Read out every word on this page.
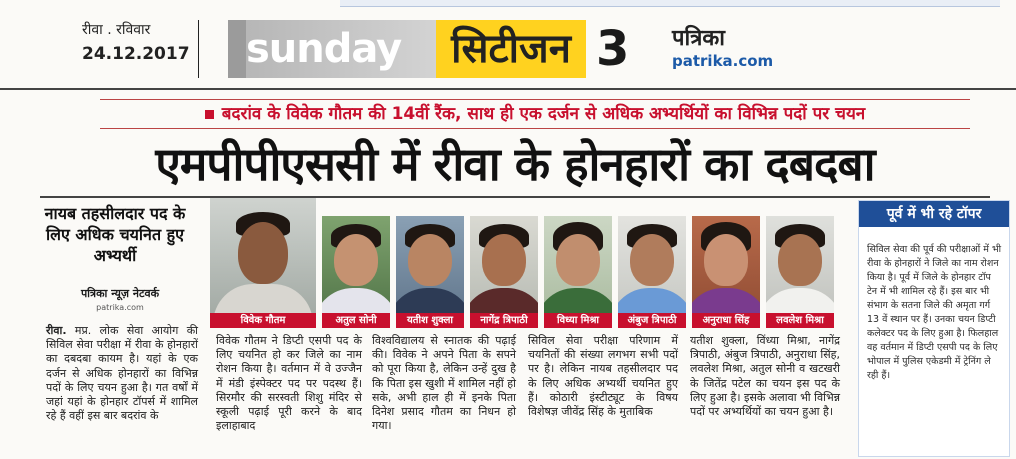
रीवा . रविवार
24.12.2017	sunday	सिटीजन 3 पत्रिका
patrika.com
बदरांव के विवेक गौतम की 14वीं रैंक, साथ ही एक दर्जन से अधिक अभ्यर्थियों का विभिन्न पदों पर चयन
एमपीपीएससी में रीवा के होनहारों का दबदबा
नायब तहसीलदार पद के लिए अधिक चयनित हुए अभ्यर्थी
पत्रिका न्यूज़ नेटवर्क
patrika.com
विवेक गौतम	अतुल सोनी	यतीश शुक्ला	नागेंद्र त्रिपाठी	विध्या मिश्रा	अंबुज त्रिपाठी	अनुराधा सिंह	लवलेश मिश्रा
रीवा. मप्र. लोक सेवा आयोग की सिविल सेवा परीक्षा में रीवा के होनहारों का दबदबा कायम है। यहां के एक दर्जन से अधिक होनहारों का विभिन्न पदों के लिए चयन हुआ है। गत वर्षों में जहां यहां के होनहार टॉपर्स में शामिल रहे हैं वहीं इस बार बदरांव के
विवेक गौतम ने डिप्टी एसपी पद के लिए चयनित हो कर जिले का नाम रोशन किया है। वर्तमान में वे उज्जैन में मंडी इंस्पेक्टर पद पर पदस्थ हैं। सिरमौर की सरस्वती शिशु मंदिर से स्कूली पढ़ाई पूरी करने के बाद इलाहाबाद
विश्वविद्यालय से स्नातक की पढ़ाई की। विवेक ने अपने पिता के सपने को पूरा किया है, लेकिन उन्हें दुख है कि पिता इस खुशी में शामिल नहीं हो सके, अभी हाल ही में इनके पिता दिनेश प्रसाद गौतम का निधन हो गया।
सिविल सेवा परीक्षा परिणाम में चयनितों की संख्या लगभग सभी पदों पर है। लेकिन नायब तहसीलदार पद के लिए अधिक अभ्यर्थी चयनित हुए हैं। कोठारी इंस्टीट्यूट के विषय विशेषज्ञ जीवेंद्र सिंह के मुताबिक
यतीश शुक्ला, विंध्या मिश्रा, नागेंद्र त्रिपाठी, अंबुज त्रिपाठी, अनुराधा सिंह, लवलेश मिश्रा, अतुल सोनी व खटखरी के जितेंद्र पटेल का चयन इस पद के लिए हुआ है। इसके अलावा भी विभिन्न पदों पर अभ्यर्थियों का चयन हुआ है।
पूर्व में भी रहे टॉपर
सिविल सेवा की पूर्व की परीक्षाओं में भी रीवा के होनहारों ने जिले का नाम रोशन किया है। पूर्व में जिले के होनहार टॉप टेन में भी शामिल रहे हैं। इस बार भी संभाग के सतना जिले की अमृता गर्ग 13 वें स्थान पर हैं। उनका चयन डिप्टी कलेक्टर पद के लिए हुआ है। फिलहाल वह वर्तमान में डिप्टी एसपी पद के लिए भोपाल में पुलिस एकेडमी में ट्रेनिंग ले रही हैं।
